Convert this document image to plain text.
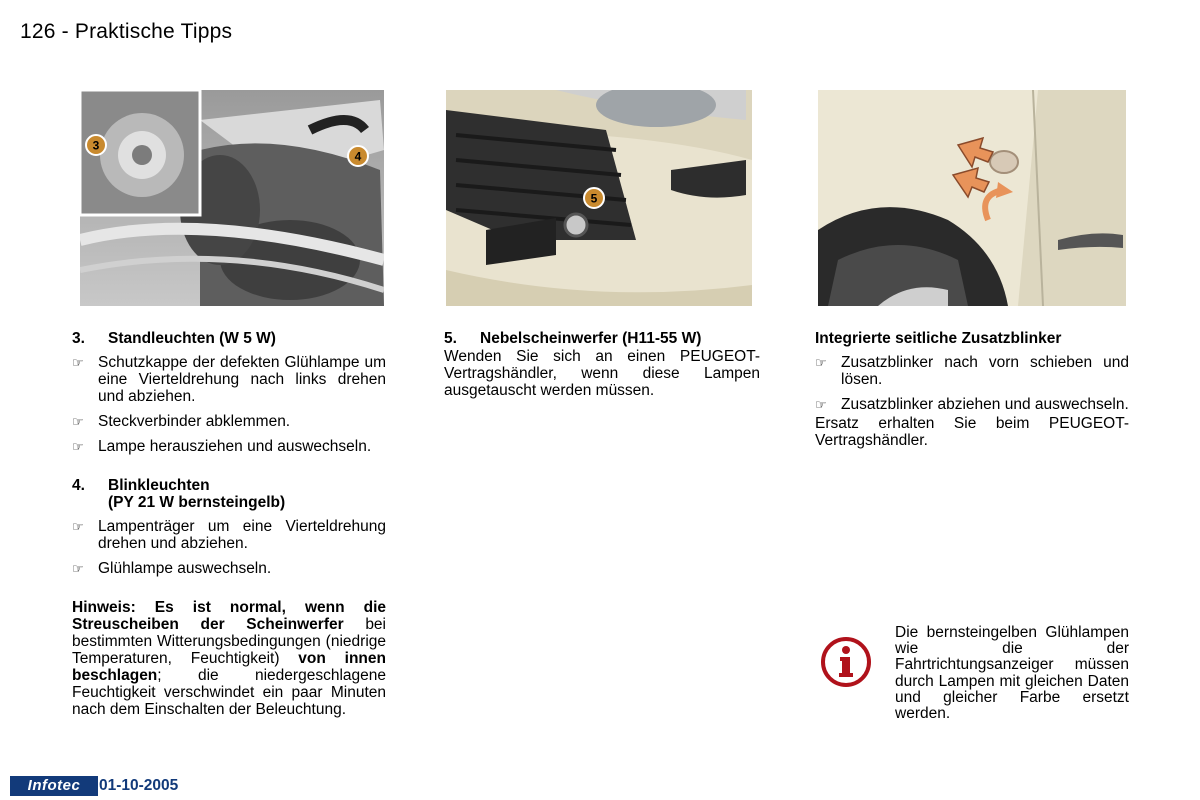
126 - Praktische Tipps
3
4
5
3.	Standleuchten (W 5 W)
☞ Schutzkappe der defekten Glühlampe um eine Vierteldrehung nach links drehen und abziehen.
☞ Steckverbinder abklemmen.
☞ Lampe herausziehen und auswechseln.
4.	Blinkleuchten
(PY 21 W bernsteingelb)
☞ Lampenträger um eine Vierteldrehung drehen und abziehen.
☞ Glühlampe auswechseln.

Hinweis: Es ist normal, wenn die Streuscheiben der Scheinwerfer bei bestimmten Witterungsbedingungen (niedrige Temperaturen, Feuchtigkeit) von innen beschlagen; die niedergeschlagene Feuchtigkeit verschwindet ein paar Minuten nach dem Einschalten der Beleuchtung.

5.	Nebelscheinwerfer (H11-55 W)

Wenden Sie sich an einen PEUGEOT-Vertragshändler, wenn diese Lampen ausgetauscht werden müssen.

Integrierte seitliche Zusatzblinker
☞ Zusatzblinker nach vorn schieben und lösen.
☞ Zusatzblinker abziehen und auswechseln.

Ersatz erhalten Sie beim PEUGEOT-Vertragshändler.

Die bernsteingelben Glühlampen wie die der Fahrtrichtungsanzeiger müssen durch Lampen mit gleichen Daten und gleicher Farbe ersetzt werden.
Infotec	01-10-2005
